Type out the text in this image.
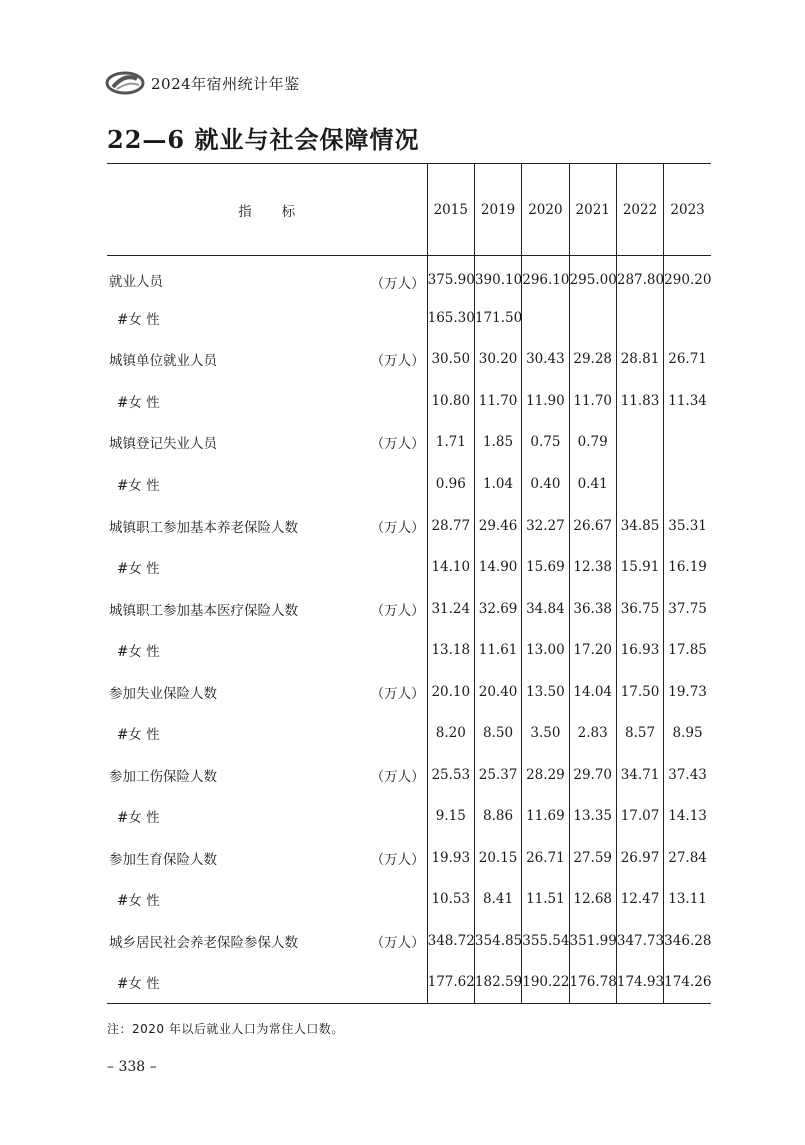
2024年宿州统计年鉴
22—6 就业与社会保障情况
指标	2015	2019	2020	2021	2022	2023
就业人员 （万人）	375.90	390.10	296.10	295.00	287.80	290.20
#女 性	165.30	171.50				
城镇单位就业人员 （万人）	30.50	30.20	30.43	29.28	28.81	26.71
#女 性	10.80	11.70	11.90	11.70	11.83	11.34
城镇登记失业人员 （万人）	1.71	1.85	0.75	0.79		
#女 性	0.96	1.04	0.40	0.41		
城镇职工参加基本养老保险人数 （万人）	28.77	29.46	32.27	26.67	34.85	35.31
#女 性	14.10	14.90	15.69	12.38	15.91	16.19
城镇职工参加基本医疗保险人数 （万人）	31.24	32.69	34.84	36.38	36.75	37.75
#女 性	13.18	11.61	13.00	17.20	16.93	17.85
参加失业保险人数 （万人）	20.10	20.40	13.50	14.04	17.50	19.73
#女 性	8.20	8.50	3.50	2.83	8.57	8.95
参加工伤保险人数 （万人）	25.53	25.37	28.29	29.70	34.71	37.43
#女 性	9.15	8.86	11.69	13.35	17.07	14.13
参加生育保险人数 （万人）	19.93	20.15	26.71	27.59	26.97	27.84
#女 性	10.53	8.41	11.51	12.68	12.47	13.11
城乡居民社会养老保险参保人数 （万人）	348.72	354.85	355.54	351.99	347.73	346.28
#女 性	177.62	182.59	190.22	176.78	174.93	174.26
注：2020 年以后就业人口为常住人口数。
– 338 –
